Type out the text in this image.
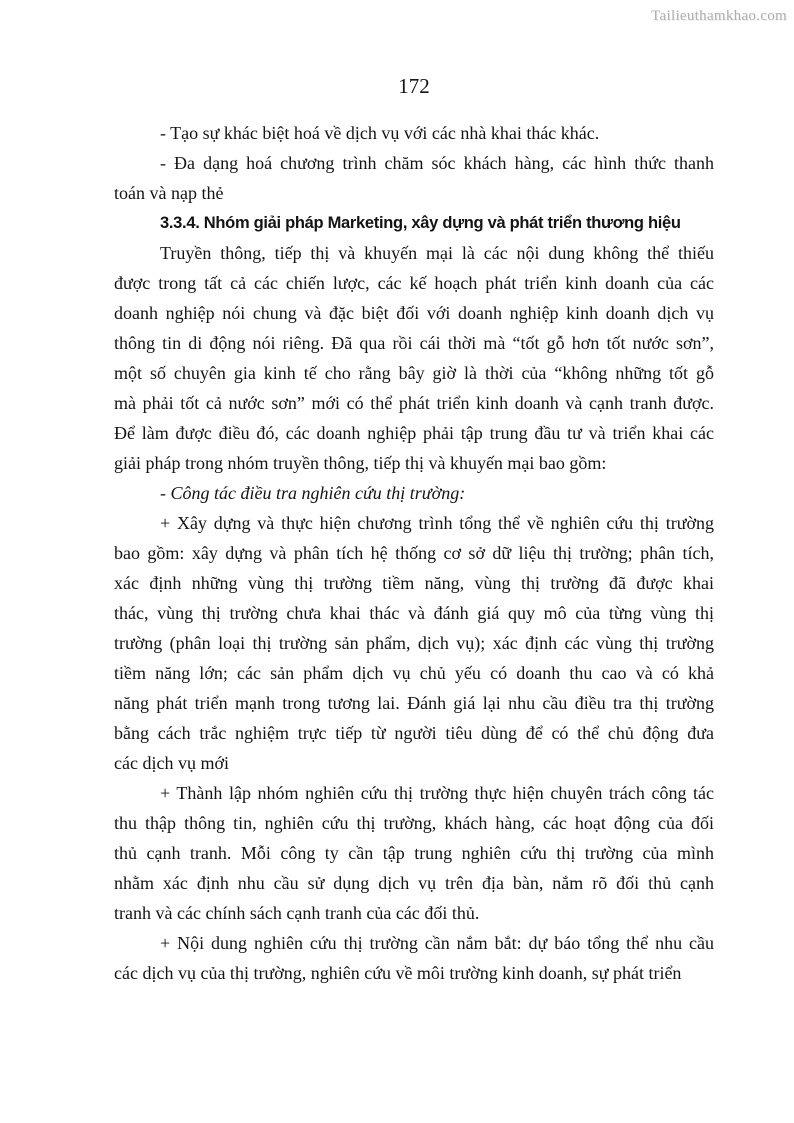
Tailieuthamkhao.com
172
- Tạo sự khác biệt hoá về dịch vụ với các nhà khai thác khác.
- Đa dạng hoá chương trình chăm sóc khách hàng, các hình thức thanh
toán và nạp thẻ
3.3.4. Nhóm giải pháp Marketing, xây dựng và phát triển thương hiệu
Truyền thông, tiếp thị và khuyến mại là các nội dung không thể thiếu
được trong tất cả các chiến lược, các kế hoạch phát triển kinh doanh của các
doanh nghiệp nói chung và đặc biệt đối với doanh nghiệp kinh doanh dịch vụ
thông tin di động nói riêng. Đã qua rồi cái thời mà “tốt gỗ hơn tốt nước sơn”,
một số chuyên gia kinh tế cho rằng bây giờ là thời của “không những tốt gỗ
mà phải tốt cả nước sơn” mới có thể phát triển kinh doanh và cạnh tranh được.
Để làm được điều đó, các doanh nghiệp phải tập trung đầu tư và triển khai các
giải pháp trong nhóm truyền thông, tiếp thị và khuyến mại bao gồm:
- Công tác điều tra nghiên cứu thị trường:
+ Xây dựng và thực hiện chương trình tổng thể về nghiên cứu thị trường
bao gồm: xây dựng và phân tích hệ thống cơ sở dữ liệu thị trường; phân tích,
xác định những vùng thị trường tiềm năng, vùng thị trường đã được khai
thác, vùng thị trường chưa khai thác và đánh giá quy mô của từng vùng thị
trường (phân loại thị trường sản phẩm, dịch vụ); xác định các vùng thị trường
tiềm năng lớn; các sản phẩm dịch vụ chủ yếu có doanh thu cao và có khả
năng phát triển mạnh trong tương lai. Đánh giá lại nhu cầu điều tra thị trường
bằng cách trắc nghiệm trực tiếp từ người tiêu dùng để có thể chủ động đưa
các dịch vụ mới
+ Thành lập nhóm nghiên cứu thị trường thực hiện chuyên trách công tác
thu thập thông tin, nghiên cứu thị trường, khách hàng, các hoạt động của đối
thủ cạnh tranh. Mỗi công ty cần tập trung nghiên cứu thị trường của mình
nhằm xác định nhu cầu sử dụng dịch vụ trên địa bàn, nắm rõ đối thủ cạnh
tranh và các chính sách cạnh tranh của các đối thủ.
+ Nội dung nghiên cứu thị trường cần nắm bắt: dự báo tổng thể nhu cầu
các dịch vụ của thị trường, nghiên cứu về môi trường kinh doanh, sự phát triển
